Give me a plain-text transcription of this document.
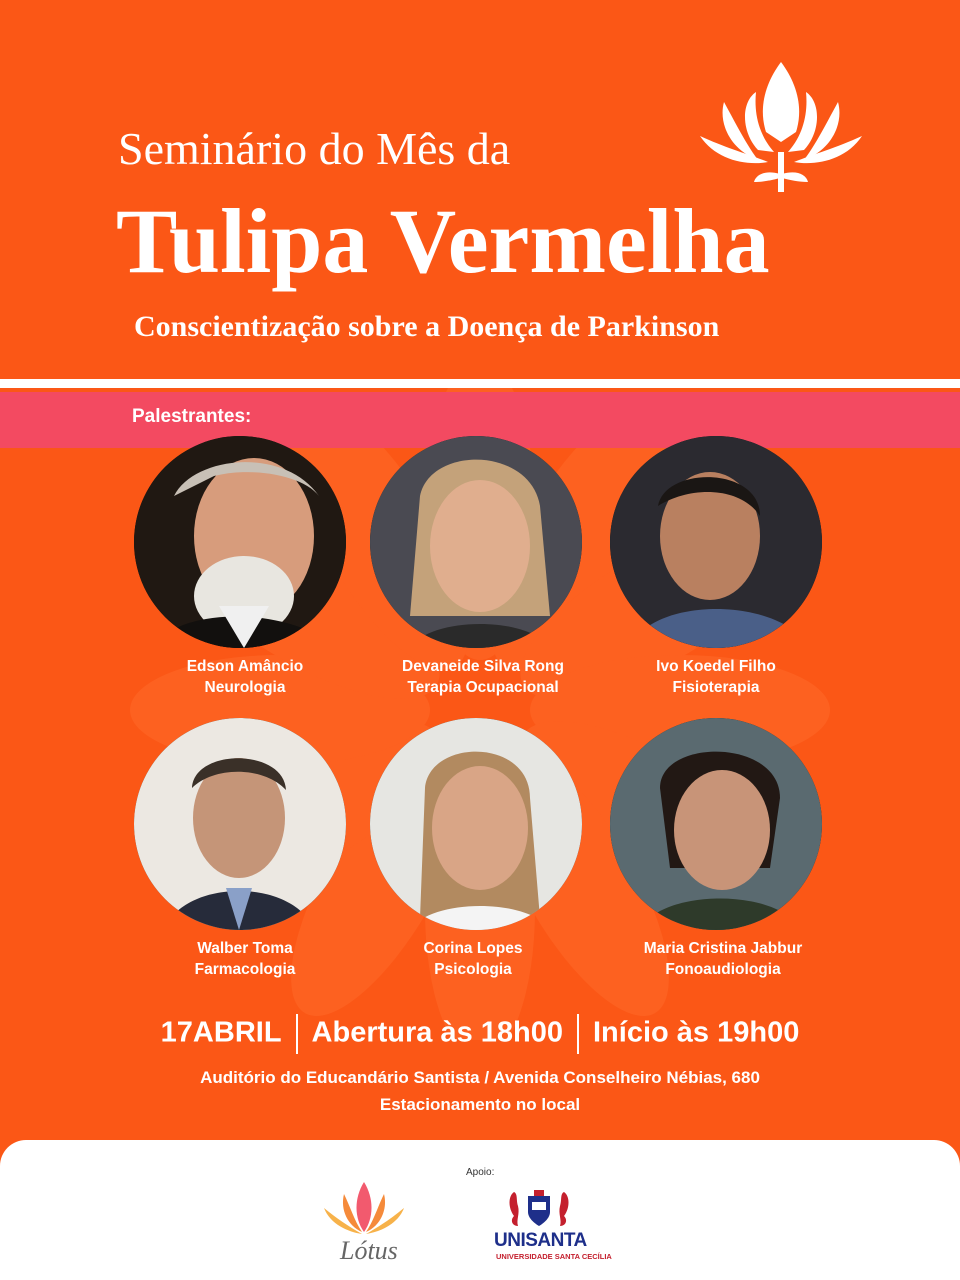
Seminário do Mês da
Tulipa Vermelha
Conscientização sobre a Doença de Parkinson
Palestrantes:
Edson Amâncio
Neurologia
Devaneide Silva Rong
Terapia Ocupacional
Ivo Koedel Filho
Fisioterapia
Walber Toma
Farmacologia
Corina Lopes
Psicologia
Maria Cristina Jabbur
Fonoaudiologia
17ABRIL Abertura às 18h00 Início às 19h00
Auditório do Educandário Santista / Avenida Conselheiro Nébias, 680
Estacionamento no local
Apoio:
Lótus	UNISANTA
UNIVERSIDADE SANTA CECÍLIA
